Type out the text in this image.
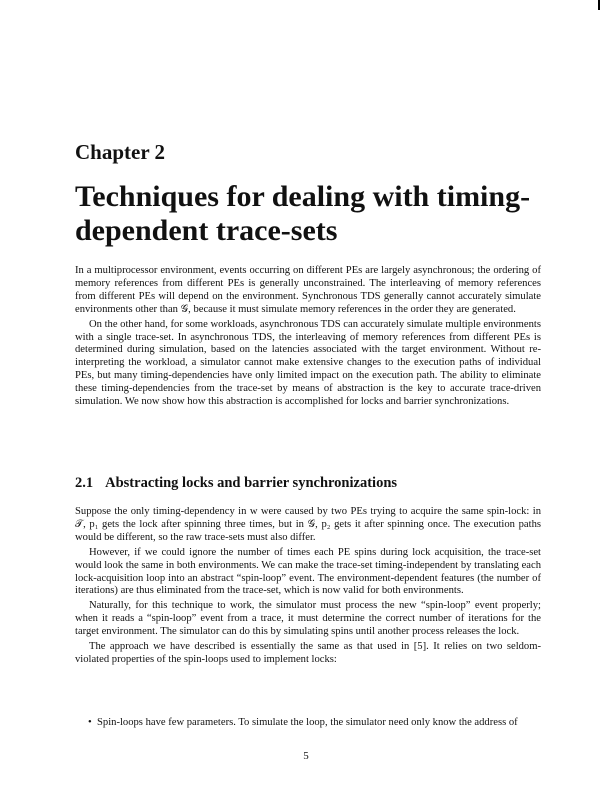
Chapter 2
Techniques for dealing with timing-dependent trace-sets

In a multiprocessor environment, events occurring on different PEs are largely asynchronous; the ordering of memory references from different PEs is generally unconstrained. The interleaving of memory references from different PEs will depend on the environment. Synchronous TDS generally cannot accurately simulate environments other than 𝒢, because it must simulate memory references in the order they are generated.

On the other hand, for some workloads, asynchronous TDS can accurately simulate multiple environments with a single trace-set. In asynchronous TDS, the interleaving of memory references from different PEs is determined during simulation, based on the latencies associated with the target environment. Without re-interpreting the workload, a simulator cannot make extensive changes to the execution paths of individual PEs, but many timing-dependencies have only limited impact on the execution path. The ability to eliminate these timing-dependencies from the trace-set by means of abstraction is the key to accurate trace-driven simulation. We now show how this abstraction is accomplished for locks and barrier synchronizations.

2.1 Abstracting locks and barrier synchronizations

Suppose the only timing-dependency in w were caused by two PEs trying to acquire the same spin-lock: in 𝒯, p₁ gets the lock after spinning three times, but in 𝒢, p₂ gets it after spinning once. The execution paths would be different, so the raw trace-sets must also differ.

However, if we could ignore the number of times each PE spins during lock acquisition, the trace-set would look the same in both environments. We can make the trace-set timing-independent by translating each lock-acquisition loop into an abstract “spin-loop” event. The environment-dependent features (the number of iterations) are thus eliminated from the trace-set, which is now valid for both environments.

Naturally, for this technique to work, the simulator must process the new “spin-loop” event properly; when it reads a “spin-loop” event from a trace, it must determine the correct number of iterations for the target environment. The simulator can do this by simulating spins until another process releases the lock.

The approach we have described is essentially the same as that used in [5]. It relies on two seldom-violated properties of the spin-loops used to implement locks:

•  Spin-loops have few parameters. To simulate the loop, the simulator need only know the address of
5
